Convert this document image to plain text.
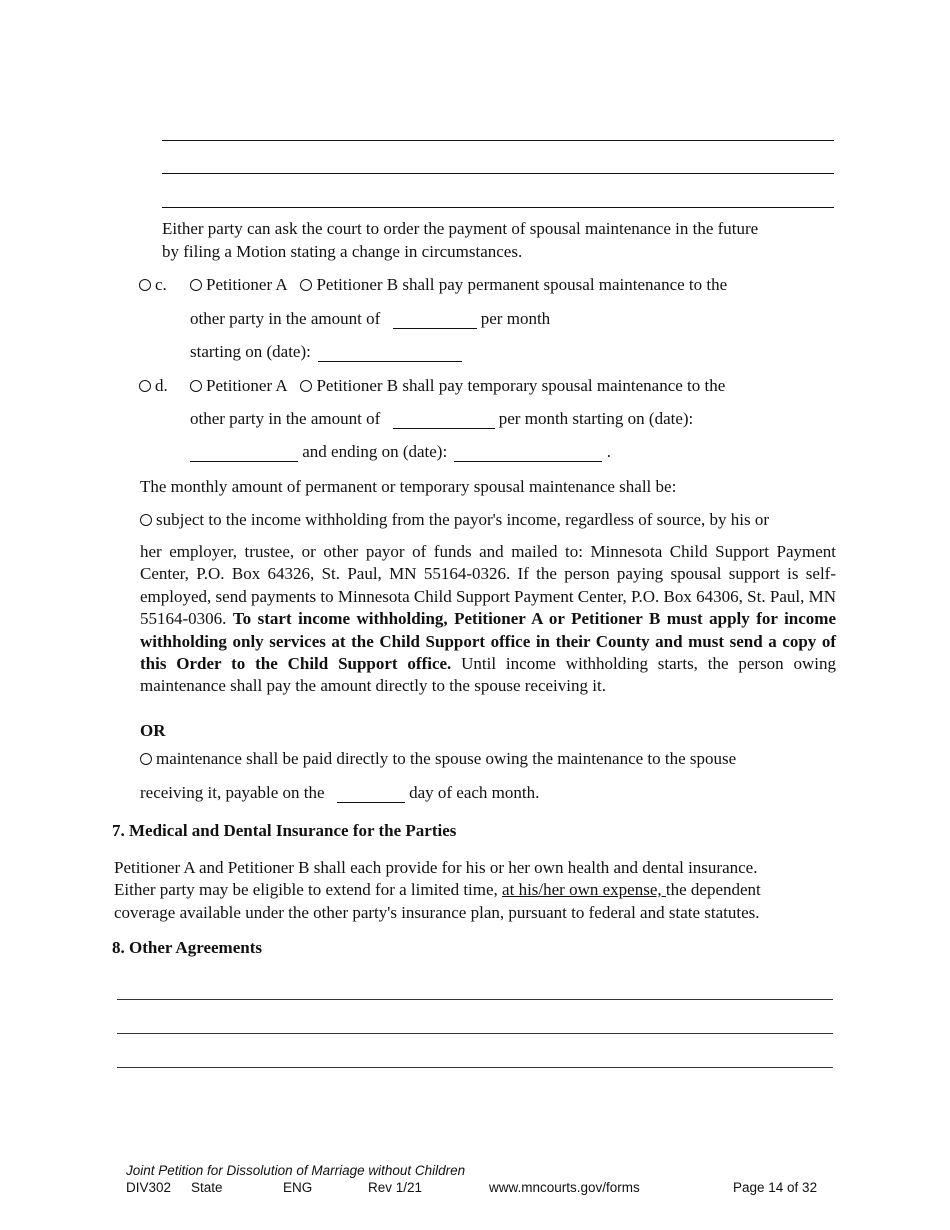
Either party can ask the court to order the payment of spousal maintenance in the future
by filing a Motion stating a change in circumstances.
c.	Petitioner A Petitioner B shall pay permanent spousal maintenance to the
other party in the amount of	per month
starting on (date):
d.	Petitioner A Petitioner B shall pay temporary spousal maintenance to the
other party in the amount of	per month starting on (date):
and ending on (date):	.
The monthly amount of permanent or temporary spousal maintenance shall be:
subject to the income withholding from the payor's income, regardless of source, by his or
her employer, trustee, or other payor of funds and mailed to: Minnesota Child Support Payment Center, P.O. Box 64326, St. Paul, MN 55164-0326. If the person paying spousal support is self-employed, send payments to Minnesota Child Support Payment Center, P.O. Box 64306, St. Paul, MN 55164-0306. To start income withholding, Petitioner A or Petitioner B must apply for income withholding only services at the Child Support office in their County and must send a copy of this Order to the Child Support office. Until income withholding starts, the person owing maintenance shall pay the amount directly to the spouse receiving it.
OR
maintenance shall be paid directly to the spouse owing the maintenance to the spouse
receiving it, payable on the	day of each month.
7. Medical and Dental Insurance for the Parties
Petitioner A and Petitioner B shall each provide for his or her own health and dental insurance.
Either party may be eligible to extend for a limited time, at his/her own expense, the dependent
coverage available under the other party's insurance plan, pursuant to federal and state statutes.
8. Other Agreements
Joint Petition for Dissolution of Marriage without Children
DIV302 State	ENG	Rev 1/21	www.mncourts.gov/forms	Page 14 of 32
